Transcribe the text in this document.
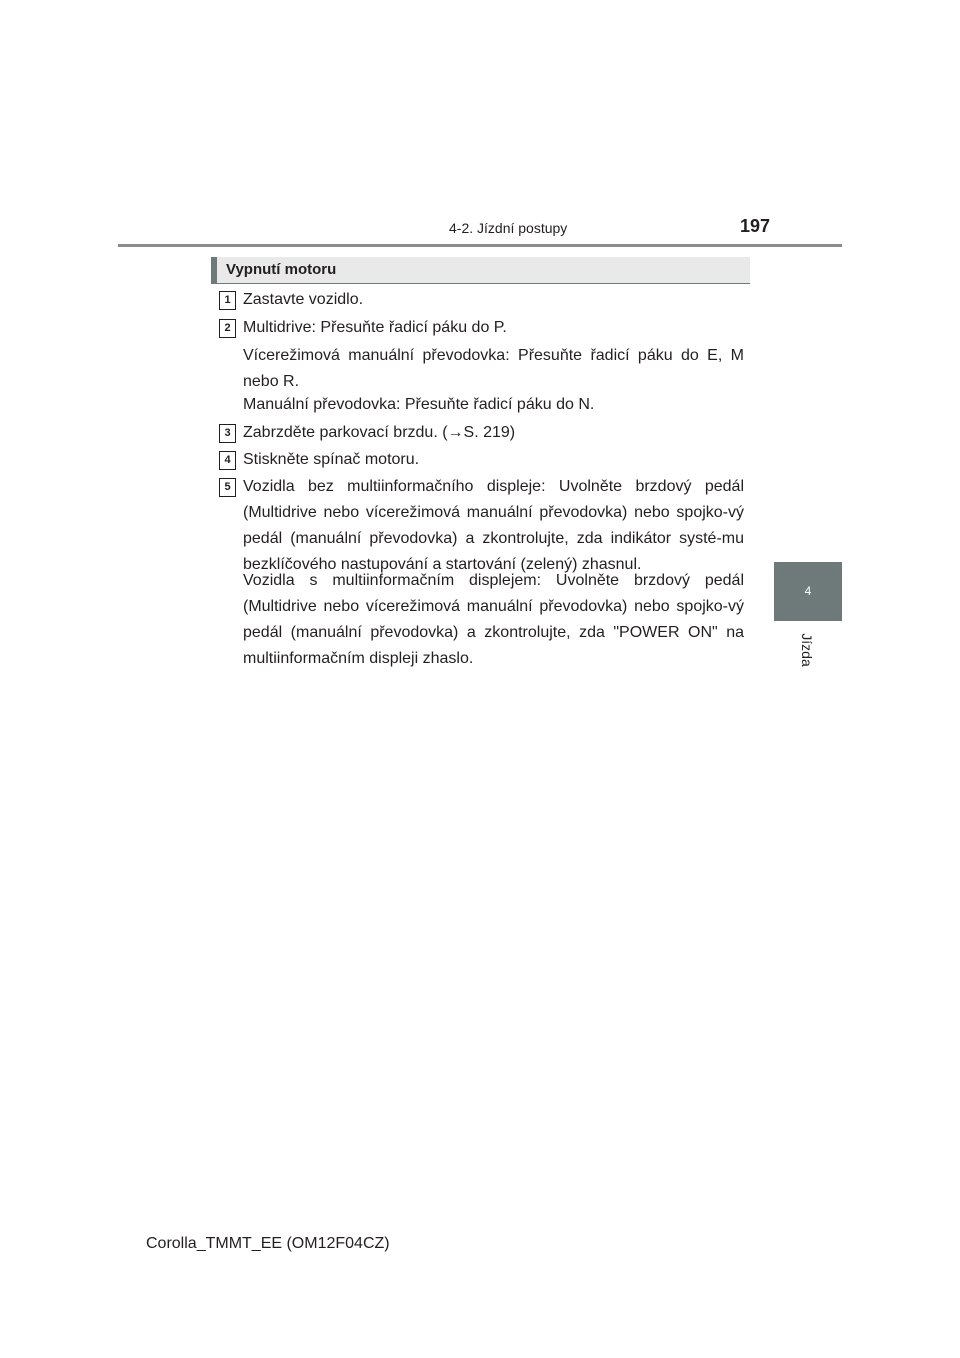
4-2. Jízdní postupy	197
4
Jízda
Vypnutí motoru
1 Zastavte vozidlo.
2 Multidrive: Přesuňte řadicí páku do P.
Vícerežimová manuální převodovka: Přesuňte řadicí páku do E, M nebo R.
Manuální převodovka: Přesuňte řadicí páku do N.
3 Zabrzděte parkovací brzdu. (→S. 219)
4 Stiskněte spínač motoru.
5 Vozidla bez multiinformačního displeje: Uvolněte brzdový pedál (Multidrive nebo vícerežimová manuální převodovka) nebo spojko-vý pedál (manuální převodovka) a zkontrolujte, zda indikátor systé-mu bezklíčového nastupování a startování (zelený) zhasnul.
Vozidla s multiinformačním displejem: Uvolněte brzdový pedál (Multidrive nebo vícerežimová manuální převodovka) nebo spojko-vý pedál (manuální převodovka) a zkontrolujte, zda "POWER ON" na multiinformačním displeji zhaslo.
Corolla_TMMT_EE (OM12F04CZ)
